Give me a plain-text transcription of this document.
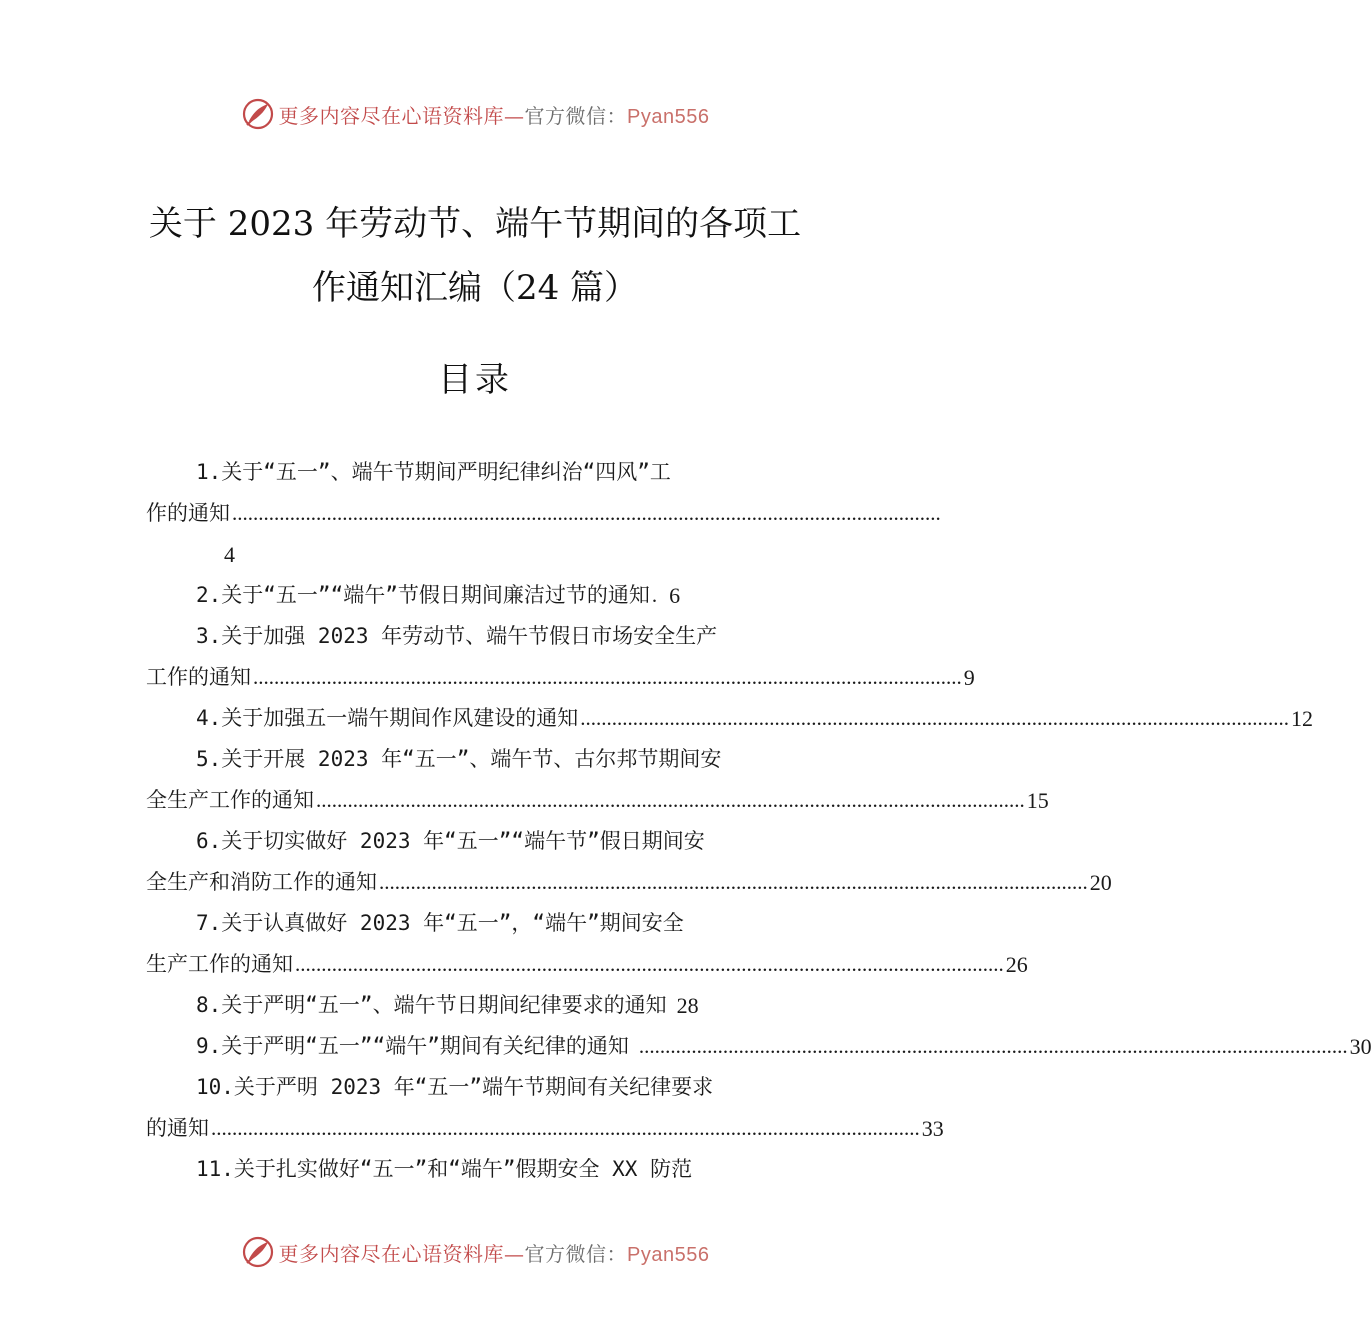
更多内容尽在心语资料库—官方微信：Pyan556
关于 2023 年劳动节、端午节期间的各项工
作通知汇编（24 篇）
目录
1.关于“五一”、端午节期间严明纪律纠治“四风”工
作的通知 .......................................................................................................................................
4
2.关于“五一”“端午”节假日期间廉洁过节的通知 . 6
3.关于加强 2023 年劳动节、端午节假日市场安全生产
工作的通知 ....................................................................................................................................... 9
4.关于加强五一端午期间作风建设的通知 ....................................................................................................................................... 12
5.关于开展 2023 年“五一”、端午节、古尔邦节期间安
全生产工作的通知 ....................................................................................................................................... 15
6.关于切实做好 2023 年“五一”“端午节”假日期间安
全生产和消防工作的通知 ....................................................................................................................................... 20
7.关于认真做好 2023 年“五一”，“端午”期间安全
生产工作的通知 ....................................................................................................................................... 26
8.关于严明“五一”、端午节日期间纪律要求的通知 28
9.关于严明“五一”“端午”期间有关纪律的通知 ....................................................................................................................................... 30
10.关于严明 2023 年“五一”端午节期间有关纪律要求
的通知 ....................................................................................................................................... 33
11.关于扎实做好“五一”和“端午”假期安全 XX 防范
更多内容尽在心语资料库—官方微信：Pyan556
